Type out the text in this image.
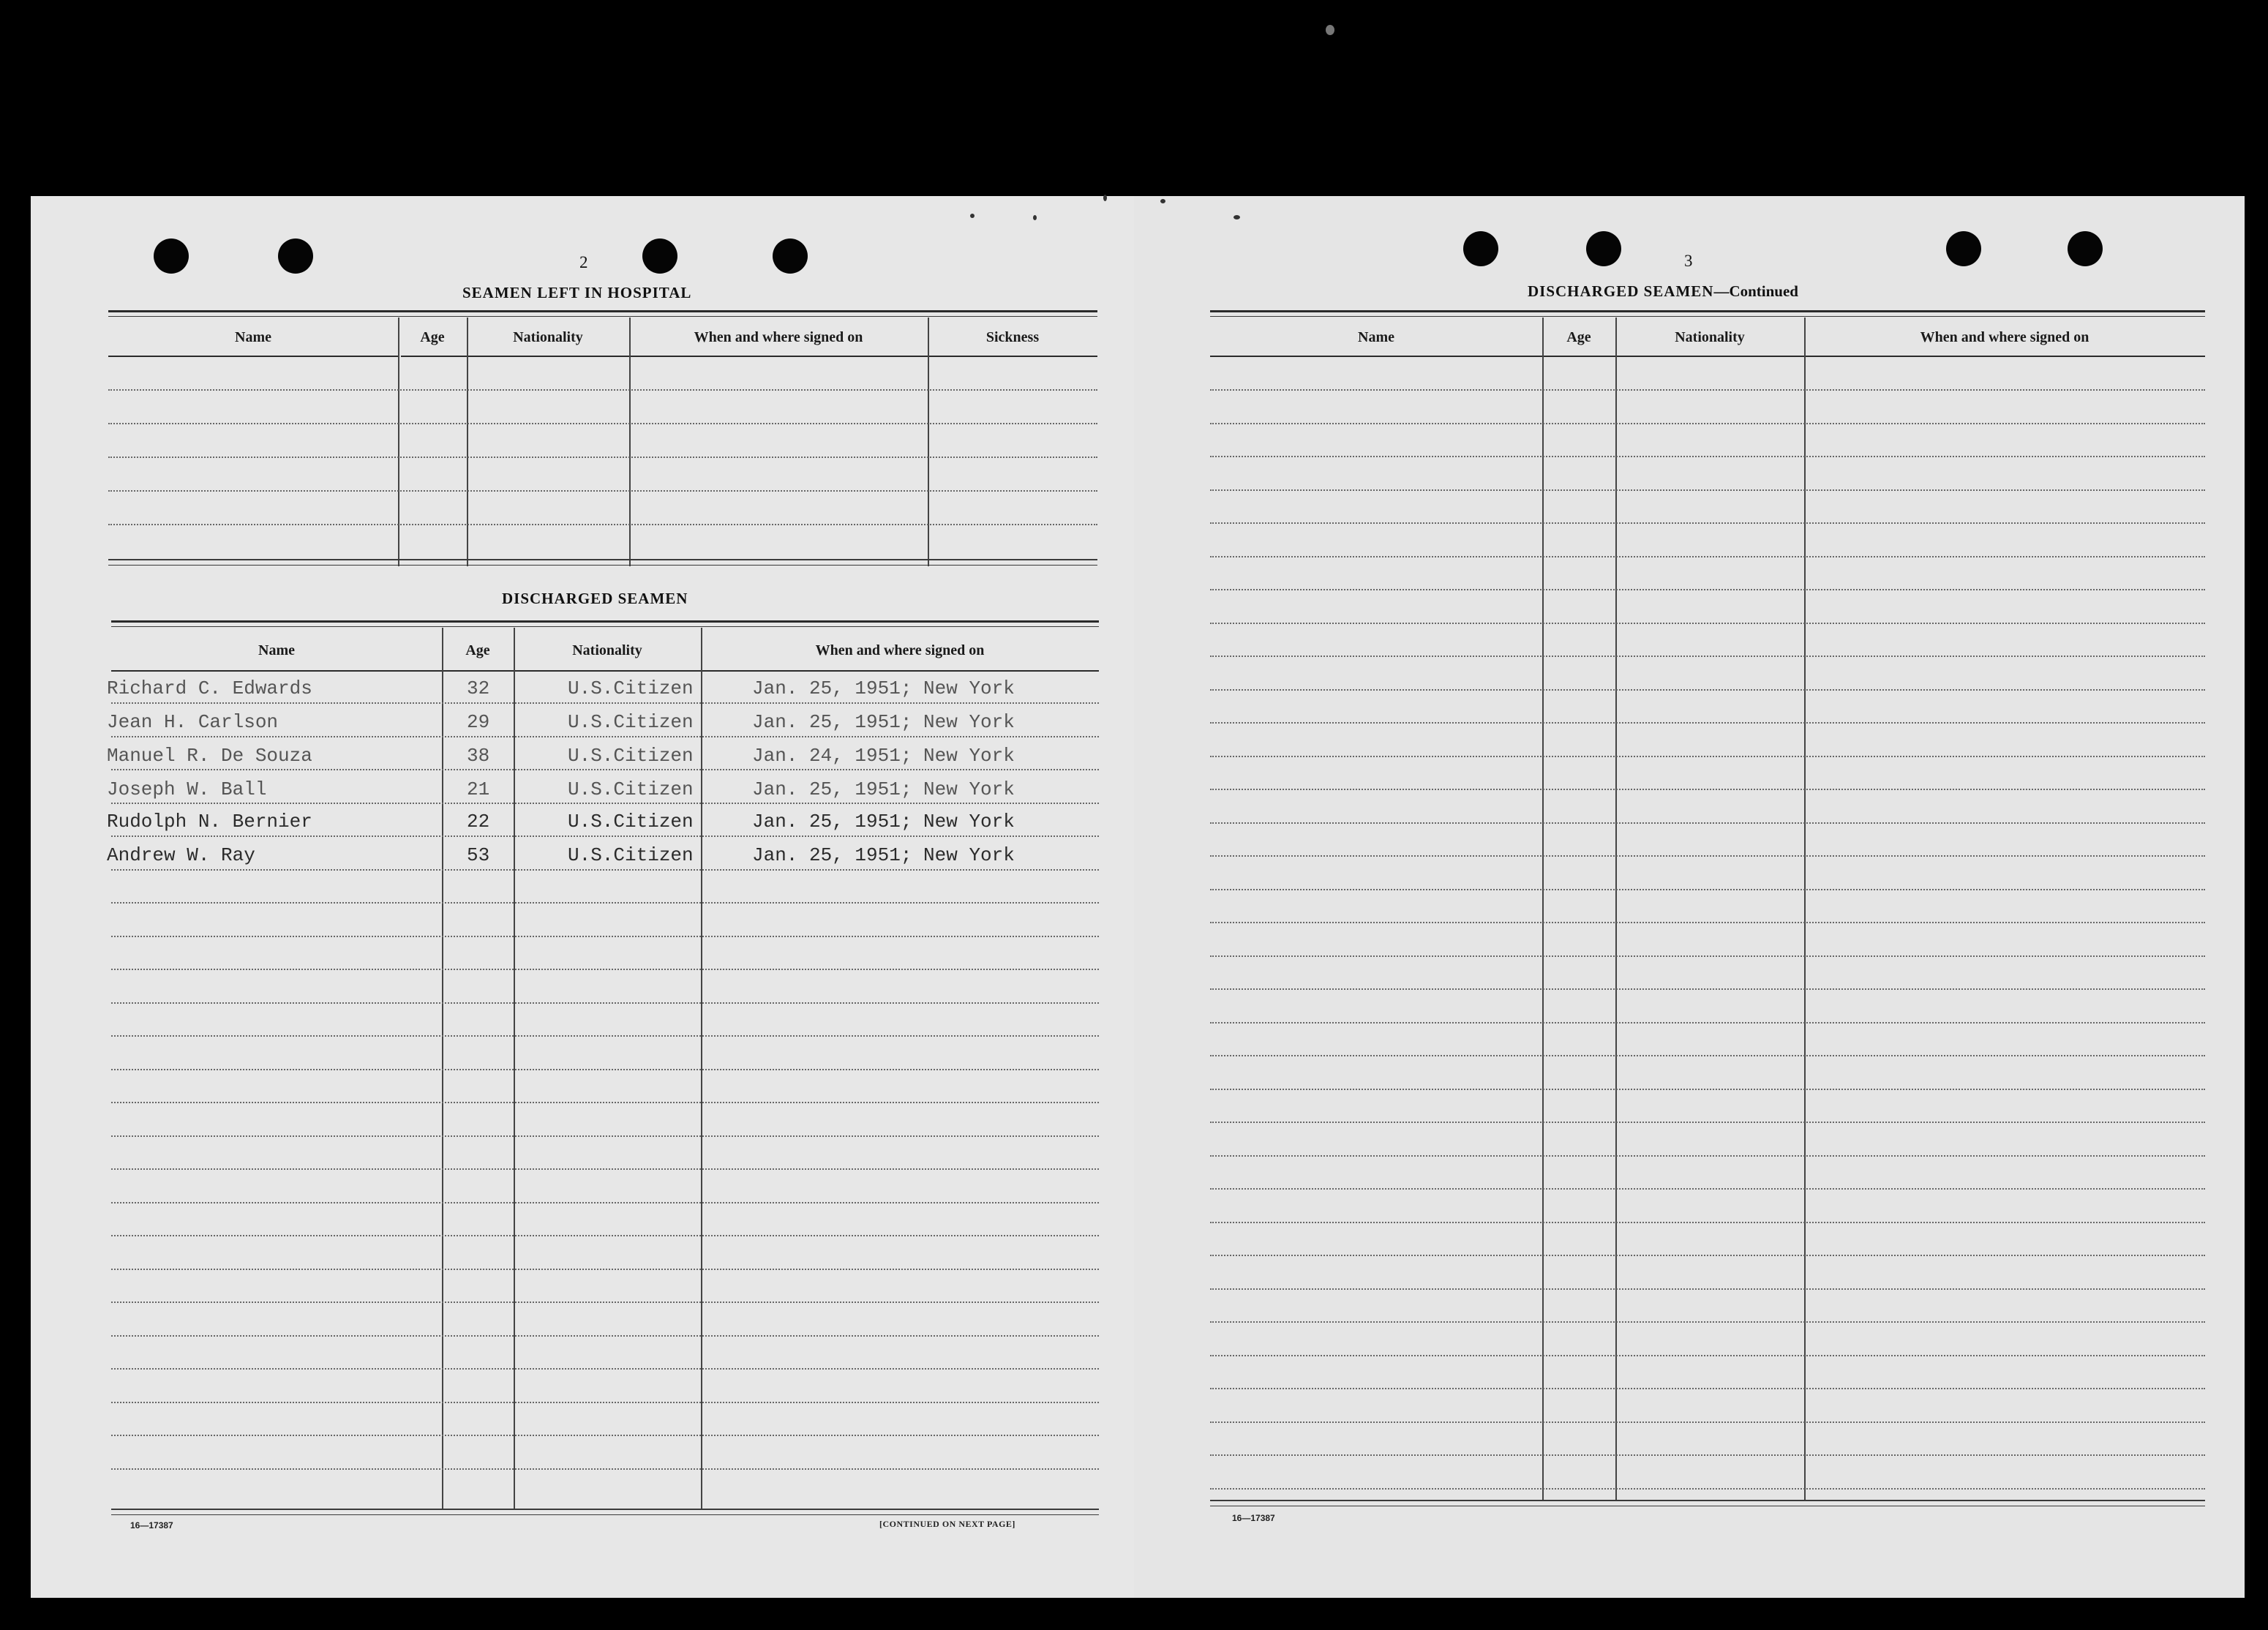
2
SEAMEN LEFT IN HOSPITAL
Name	Age	Nationality	When and where signed on	Sickness
DISCHARGED SEAMEN
Name	Age	Nationality	When and where signed on
Richard C. Edwards	32	U.S.Citizen	Jan. 25, 1951; New York
Jean H. Carlson	29	U.S.Citizen	Jan. 25, 1951; New York
Manuel R. De Souza	38	U.S.Citizen	Jan. 24, 1951; New York
Joseph W. Ball	21	U.S.Citizen	Jan. 25, 1951; New York
Rudolph N. Bernier	22	U.S.Citizen	Jan. 25, 1951; New York
Andrew W. Ray	53	U.S.Citizen	Jan. 25, 1951; New York
16—17387	[CONTINUED ON NEXT PAGE]
3
DISCHARGED SEAMEN—Continued
Name	Age	Nationality	When and where signed on
16—17387
